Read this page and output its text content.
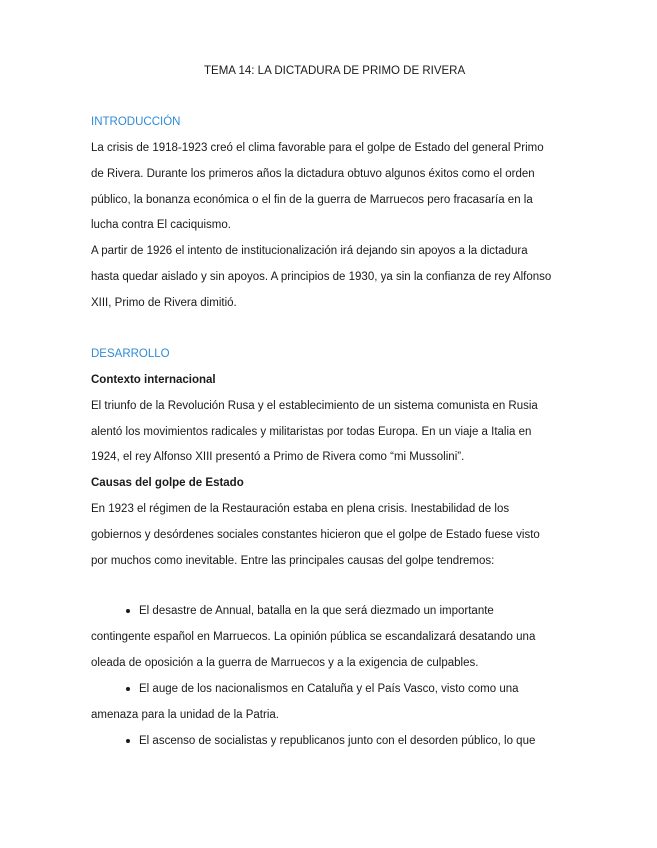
TEMA 14: LA DICTADURA DE PRIMO DE RIVERA
INTRODUCCIÓN
La crisis de 1918-1923 creó el clima favorable para el golpe de Estado del general Primo
de Rivera. Durante los primeros años la dictadura obtuvo algunos éxitos como el orden
público, la bonanza económica o el fin de la guerra de Marruecos pero fracasaría en la
lucha contra El caciquismo.
A partir de 1926 el intento de institucionalización irá dejando sin apoyos a la dictadura
hasta quedar aislado y sin apoyos. A principios de 1930, ya sin la confianza de rey Alfonso
XIII, Primo de Rivera dimitió.
DESARROLLO
Contexto internacional
El triunfo de la Revolución Rusa y el establecimiento de un sistema comunista en Rusia
alentó los movimientos radicales y militaristas por todas Europa. En un viaje a Italia en
1924, el rey Alfonso XIII presentó a Primo de Rivera como “mi Mussolini”.
Causas del golpe de Estado
En 1923 el régimen de la Restauración estaba en plena crisis. Inestabilidad de los
gobiernos y desórdenes sociales constantes hicieron que el golpe de Estado fuese visto
por muchos como inevitable. Entre las principales causas del golpe tendremos:
El desastre de Annual, batalla en la que será diezmado un importante
contingente español en Marruecos. La opinión pública se escandalizará desatando una
oleada de oposición a la guerra de Marruecos y a la exigencia de culpables.
El auge de los nacionalismos en Cataluña y el País Vasco, visto como una
amenaza para la unidad de la Patria.
El ascenso de socialistas y republicanos junto con el desorden público, lo que
